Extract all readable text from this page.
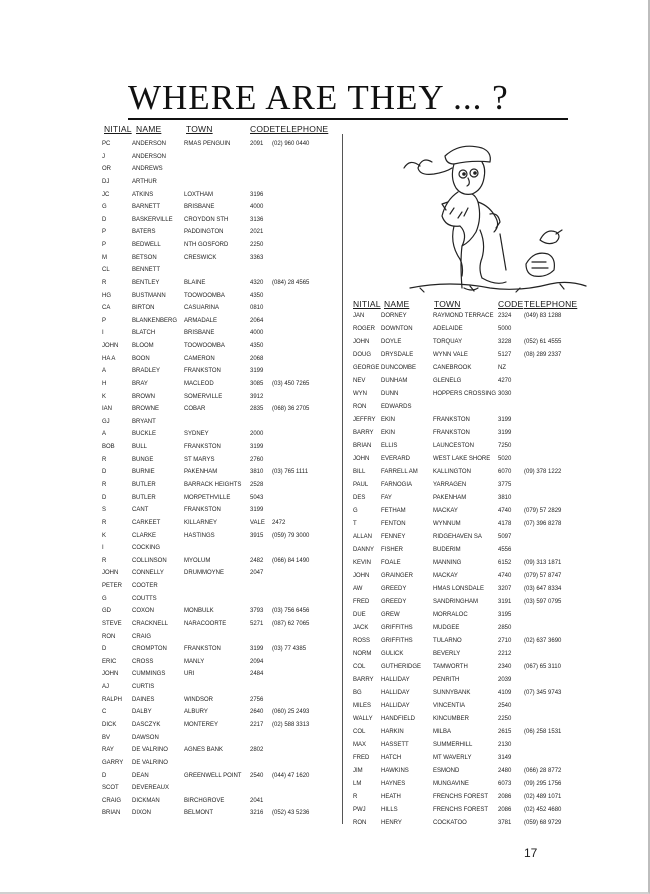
WHERE ARE THEY ... ?
NITIAL NAME	TOWN	CODE TELEPHONE
NITIAL NAME	TOWN	CODE TELEPHONE
PC	ANDERSON	RMAS PENGUIN	2091	(02) 960 0440
J	ANDERSON
OR	ANDREWS
DJ	ARTHUR
JC	ATKINS	LOXTHAM	3196
G	BARNETT	BRISBANE	4000
D	BASKERVILLE	CROYDON STH	3136
P	BATERS	PADDINGTON	2021
P	BEDWELL	NTH GOSFORD	2250
M	BETSON	CRESWICK	3363
CL	BENNETT
R	BENTLEY	BLAINE	4320	(084) 28 4565
HG	BUSTMANN	TOOWOOMBA	4350
CA	BIRTON	CASUARINA	0810
P	BLANKENBERG	ARMADALE	2064
I	BLATCH	BRISBANE	4000
JOHN	BLOOM	TOOWOOMBA	4350
HA A	BOON	CAMERON	2068
A	BRADLEY	FRANKSTON	3199
H	BRAY	MACLEOD	3085	(03) 450 7265
K	BROWN	SOMERVILLE	3912
IAN	BROWNE	COBAR	2835	(068) 36 2705
GJ	BRYANT
A	BUCKLE	SYDNEY	2000
BOB	BULL	FRANKSTON	3199
R	BUNGE	ST MARYS	2760
D	BURNIE	PAKENHAM	3810	(03) 765 1111
R	BUTLER	BARRACK HEIGHTS	2528
D	BUTLER	MORPETHVILLE	5043
S	CANT	FRANKSTON	3199
R	CARKEET	KILLARNEY	VALE	2472
K	CLARKE	HASTINGS	3915	(059) 79 3000
I	COCKING
R	COLLINSON	MYOLUM	2482	(066) 84 1490
JOHN	CONNELLY	DRUMMOYNE	2047
PETER	COOTER
G	COUTTS
GD	COXON	MONBULK	3793	(03) 756 6456
STEVE	CRACKNELL	NARACOORTE	5271	(087) 62 7065
RON	CRAIG
D	CROMPTON	FRANKSTON	3199	(03) 77 4385
ERIC	CROSS	MANLY	2094
JOHN	CUMMINGS	URI	2484
AJ	CURTIS
RALPH	DAINES	WINDSOR	2756
C	DALBY	ALBURY	2640	(060) 25 2493
DICK	DASCZYK	MONTEREY	2217	(02) 588 3313
BV	DAWSON
RAY	DE VALRINO	AGNES BANK	2802
GARRY	DE VALRINO
D	DEAN	GREENWELL POINT	2540	(044) 47 1620
SCOT	DEVEREAUX
CRAIG	DICKMAN	BIRCHGROVE	2041
BRIAN	DIXON	BELMONT	3216	(052) 43 5236
JAN	DORNEY	RAYMOND TERRACE 2324	(049) 83 1288
ROGER DOWNTON	ADELAIDE	5000
JOHN	DOYLE	TORQUAY	3228	(052) 61 4555
DOUG	DRYSDALE	WYNN VALE	5127	(08) 289 2337
GEORGE DUNCOMBE	CANEBROOK	NZ
NEV	DUNHAM	GLENELG	4270
WYN	DUNN	HOPPERS CROSSING 3030
RON	EDWARDS
JEFFRY EKIN	FRANKSTON	3199
BARRY	EKIN	FRANKSTON	3199
BRIAN	ELLIS	LAUNCESTON	7250
JOHN	EVERARD	WEST LAKE SHORE	5020
BILL	FARRELL AM	KALLINGTON	6070	(09) 378 1222
PAUL	FARNOGIA	YARRAGEN	3775
DES	FAY	PAKENHAM	3810
G	FETHAM	MACKAY	4740	(079) 57 2829
T	FENTON	WYNNUM	4178	(07) 396 8278
ALLAN	FENNEY	RIDGEHAVEN SA	5097
DANNY	FISHER	BUDERIM	4556
KEVIN	FOALE	MANNING	6152	(09) 313 1871
JOHN	GRAINGER	MACKAY	4740	(079) 57 8747
AW	GREEDY	HMAS LONSDALE	3207	(03) 647 8334
FRED	GREEDY	SANDRINGHAM	3191	(03) 597 0795
DUE	GREW	MORRALOC	3195
JACK	GRIFFITHS	MUDGEE	2850
ROSS	GRIFFITHS	TULARNO	2710	(02) 637 3690
NORM	GULICK	BEVERLY	2212
COL	GUTHERIDGE	TAMWORTH	2340	(067) 65 3110
BARRY	HALLIDAY	PENRITH	2039
BG	HALLIDAY	SUNNYBANK	4109	(07) 345 9743
MILES	HALLIDAY	VINCENTIA	2540
WALLY	HANDFIELD	KINCUMBER	2250
COL	HARKIN	MILBA	2615	(06) 258 1531
MAX	HASSETT	SUMMERHILL	2130
FRED	HATCH	MT WAVERLY	3149
JIM	HAWKINS	ESMOND	2480	(066) 28 8772
LM	HAYNES	MUNGAVINE	6073	(09) 295 1756
R	HEATH	FRENCHS FOREST	2086	(02) 489 1071
PWJ	HILLS	FRENCHS FOREST	2086	(02) 452 4680
RON	HENRY	COCKATOO	3781	(059) 68 9729
17
